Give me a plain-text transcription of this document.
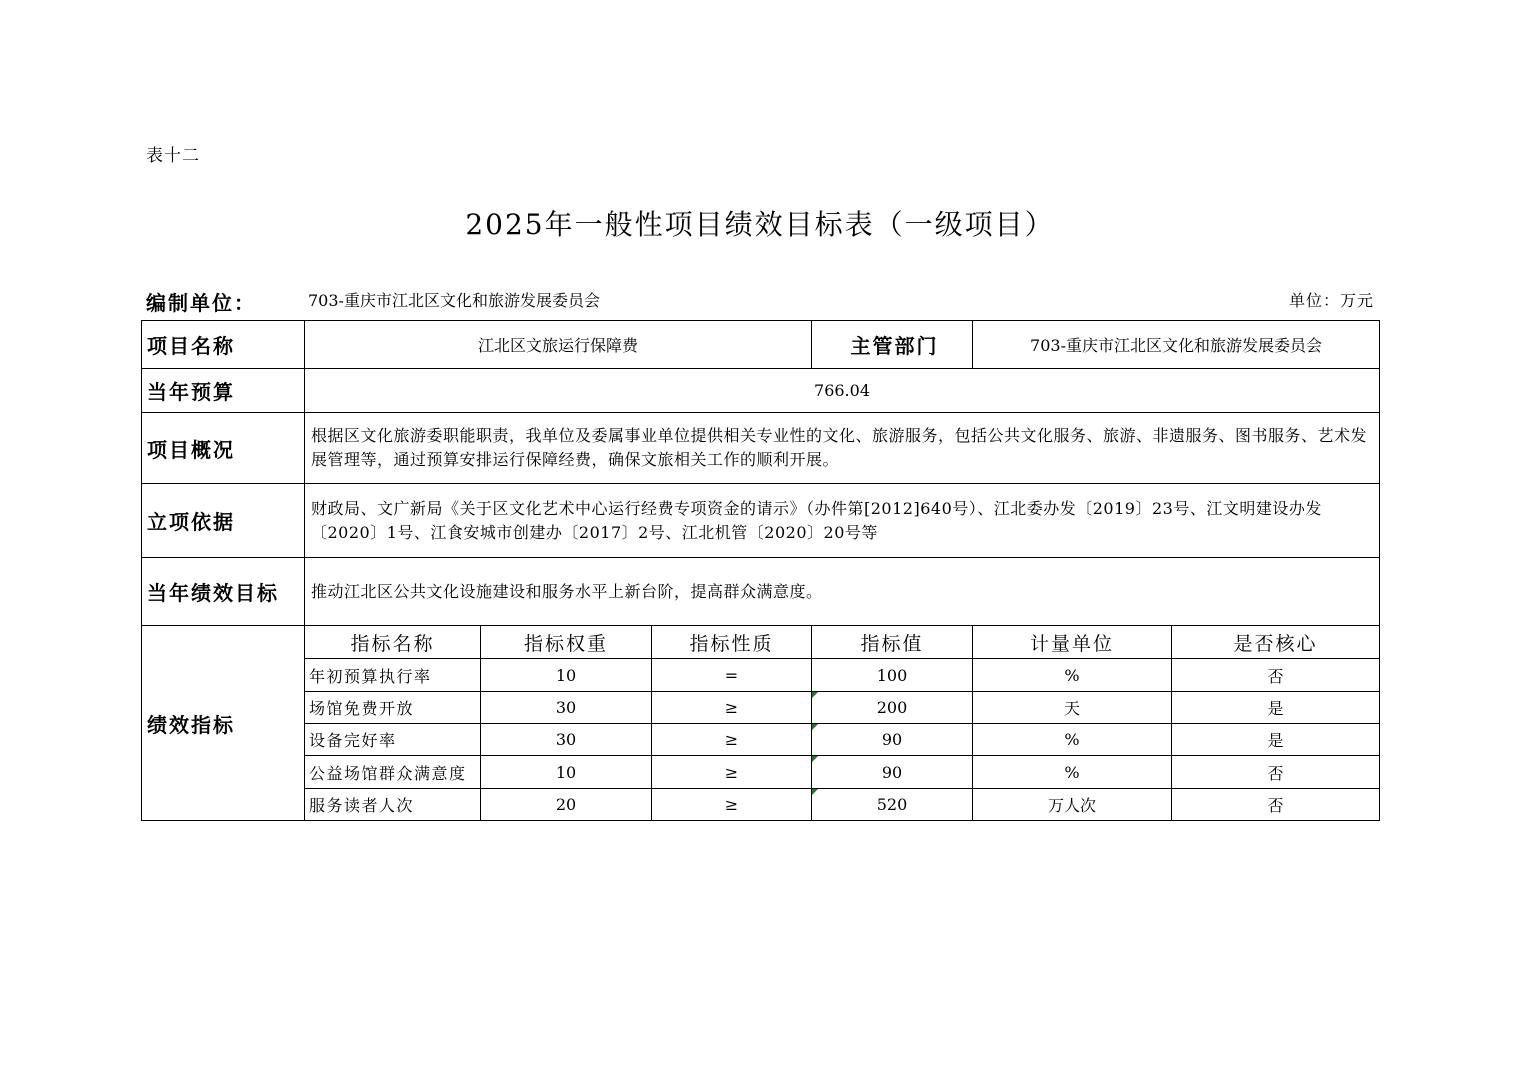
表十二
2025年一般性项目绩效目标表（一级项目）
编制单位：	703-重庆市江北区文化和旅游发展委员会	单位：万元
项目名称	江北区文旅运行保障费			主管部门	703-重庆市江北区文化和旅游发展委员会	
当年预算	766.04					
项目概况	根据区文化旅游委职能职责，我单位及委属事业单位提供相关专业性的文化、旅游服务，包括公共文化服务、旅游、非遗服务、图书服务、艺术发展管理等，通过预算安排运行保障经费，确保文旅相关工作的顺利开展。					
立项依据	财政局、文广新局《关于区文化艺术中心运行经费专项资金的请示》（办件第[2012]640号）、江北委办发〔2019〕23号、江文明建设办发〔2020〕1号、江食安城市创建办〔2017〕2号、江北机管〔2020〕20号等					
当年绩效目标	推动江北区公共文化设施建设和服务水平上新台阶，提高群众满意度。					
绩效指标	指标名称	指标权重	指标性质	指标值	计量单位	是否核心
	年初预算执行率	10	=	100	%	否
	场馆免费开放	30	≥	200	天	是
	设备完好率	30	≥	90	%	是
	公益场馆群众满意度	10	≥	90	%	否
	服务读者人次	20	≥	520	万人次	否
